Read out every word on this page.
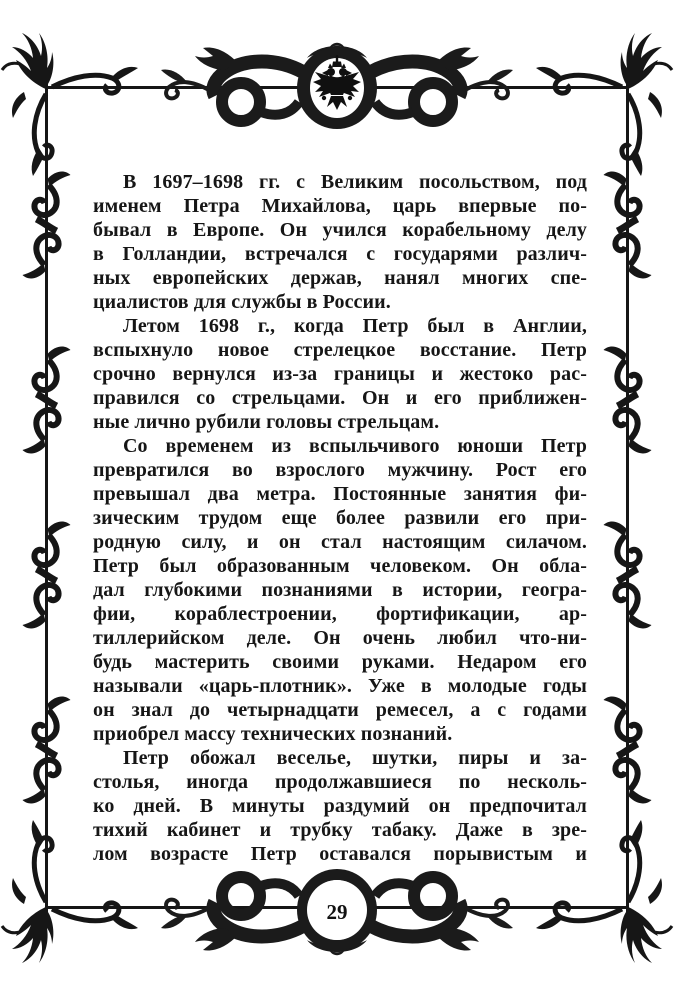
В 1697–1698 гг. с Великим посольством, под
именем Петра Михайлова, царь впервые по-
бывал в Европе. Он учился корабельному делу
в Голландии, встречался с государями различ-
ных европейских держав, нанял многих спе-
циалистов для службы в России.
Летом 1698 г., когда Петр был в Англии,
вспыхнуло новое стрелецкое восстание. Петр
срочно вернулся из-за границы и жестоко рас-
правился со стрельцами. Он и его приближен-
ные лично рубили головы стрельцам.
Со временем из вспыльчивого юноши Петр
превратился во взрослого мужчину. Рост его
превышал два метра. Постоянные занятия фи-
зическим трудом еще более развили его при-
родную силу, и он стал настоящим силачом.
Петр был образованным человеком. Он обла-
дал глубокими познаниями в истории, геогра-
фии, кораблестроении, фортификации, ар-
тиллерийском деле. Он очень любил что-ни-
будь мастерить своими руками. Недаром его
называли «царь-плотник». Уже в молодые годы
он знал до четырнадцати ремесел, а с годами
приобрел массу технических познаний.
Петр обожал веселье, шутки, пиры и за-
столья, иногда продолжавшиеся по несколь-
ко дней. В минуты раздумий он предпочитал
тихий кабинет и трубку табаку. Даже в зре-
лом возрасте Петр оставался порывистым и
29
